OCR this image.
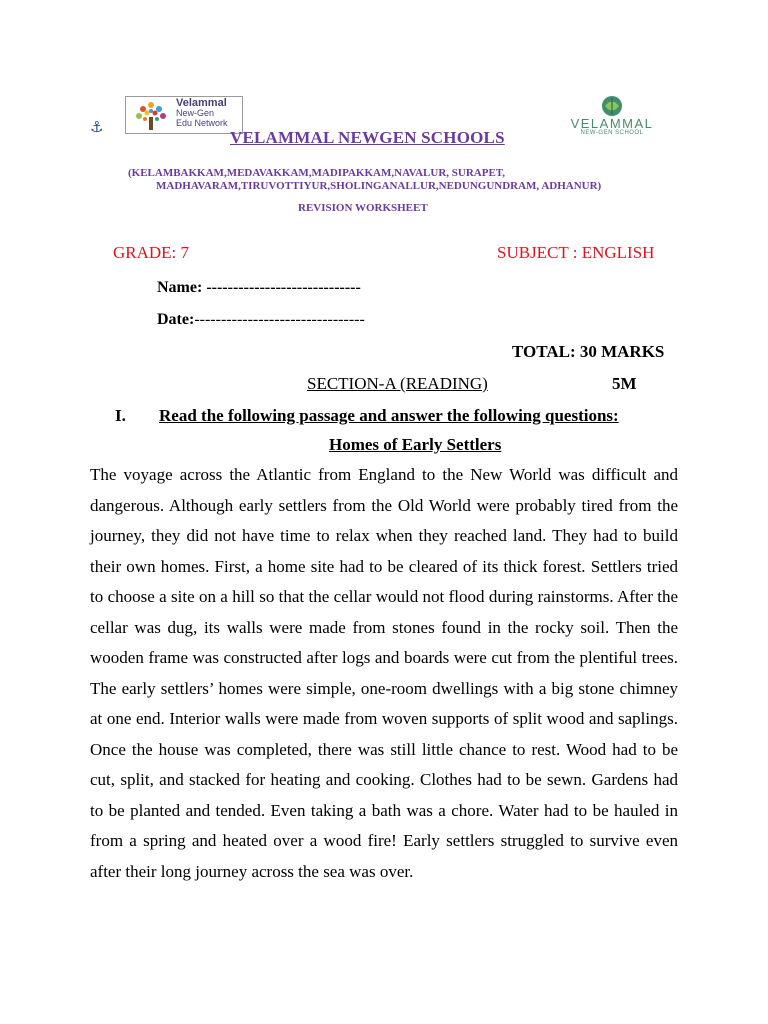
⚓
Velammal
New-Gen
Edu Network	VELAMMAL
NEW-GEN SCHOOL
VELAMMAL NEWGEN SCHOOLS
(KELAMBAKKAM,MEDAVAKKAM,MADIPAKKAM,NAVALUR, SURAPET,
MADHAVARAM,TIRUVOTTIYUR,SHOLINGANALLUR,NEDUNGUNDRAM, ADHANUR)
REVISION WORKSHEET
GRADE: 7	SUBJECT : ENGLISH
Name: -----------------------------
Date:--------------------------------
TOTAL: 30 MARKS
SECTION-A (READING)	5M
I. Read the following passage and answer the following questions:
Homes of Early Settlers

The voyage across the Atlantic from England to the New World was difficult and dangerous. Although early settlers from the Old World were probably tired from the journey, they did not have time to relax when they reached land. They had to build their own homes. First, a home site had to be cleared of its thick forest. Settlers tried to choose a site on a hill so that the cellar would not flood during rainstorms. After the cellar was dug, its walls were made from stones found in the rocky soil. Then the wooden frame was constructed after logs and boards were cut from the plentiful trees. The early settlers’ homes were simple, one-room dwellings with a big stone chimney at one end. Interior walls were made from woven supports of split wood and saplings. Once the house was completed, there was still little chance to rest. Wood had to be cut, split, and stacked for heating and cooking. Clothes had to be sewn. Gardens had to be planted and tended. Even taking a bath was a chore. Water had to be hauled in from a spring and heated over a wood fire! Early settlers struggled to survive even after their long journey across the sea was over.
